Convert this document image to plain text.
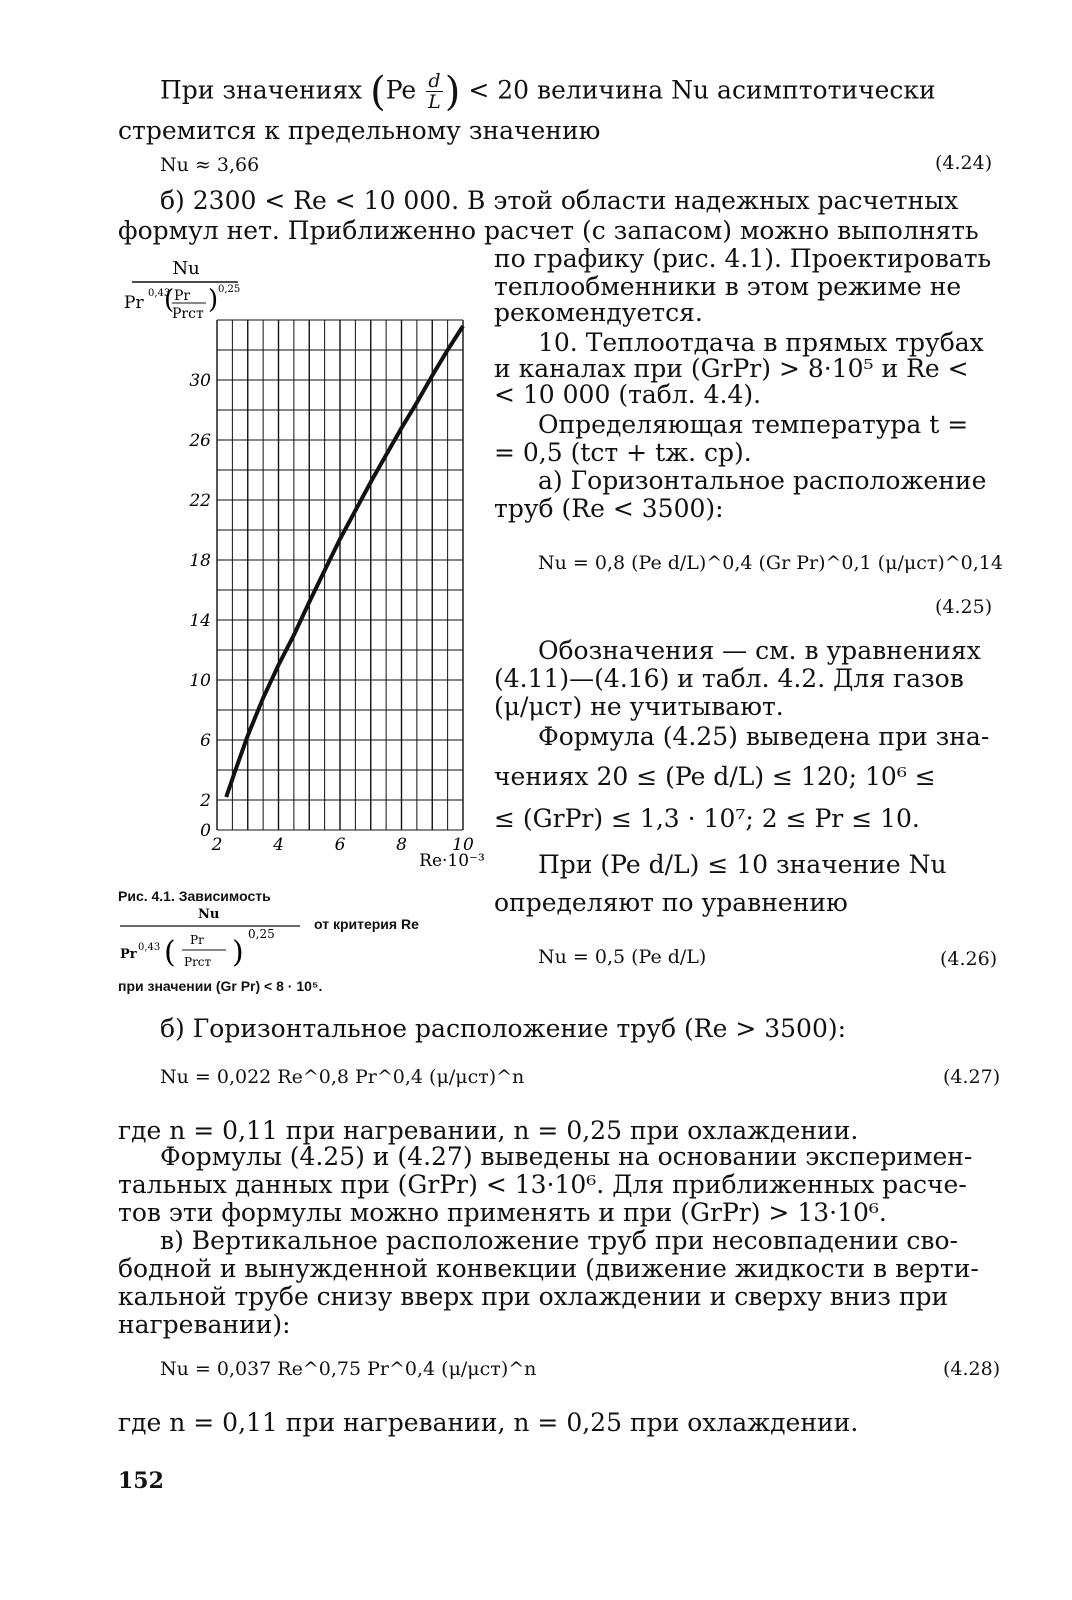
При значениях ($Pe \frac{d}{L}$ ) < 20 величина Nu асимптотически
стремится к предельному значению
Nu ≈ 3,66	(4.24)
б) 2300 < Re < 10 000. В этой области надежных расчетных
формул нет. Приближенно расчет (с запасом) можно выполнять
по графику (рис. 4.1). Проектировать
теплообменники в этом режиме не
рекомендуется.
10. Теплоотдача в прямых трубах
и каналах при (GrPr) > 8·10⁵ и Re <
< 10 000 (табл. 4.4).
Определяющая температура t =
= 0,5 (tст + tж. ср).
а) Горизонтальное расположение
труб (Re < 3500):
Nu = 0,8 (Pe d/L)^0,4 (Gr Pr)^0,1 (μ/μст)^0,14
(4.25)
Обозначения — см. в уравнениях
(4.11)—(4.16) и табл. 4.2. Для газов
(μ/μст) не учитывают.
Формула (4.25) выведена при зна-
чениях 20 ≤ (Pe d/L) ≤ 120; 10⁶ ≤
≤ (GrPr) ≤ 1,3 · 10⁷; 2 ≤ Pr ≤ 10.
При (Pe d/L) ≤ 10 значение Nu
определяют по уравнению
Nu = 0,5 (Pe d/L)	(4.26)
Nu
Pr 0,43
( Pr
Prст ) 0,25
0
2
6
10
14
18
22
26
30
2	4	6	8	10
Re·10⁻³
Рис. 4.1. Зависимость
Nu
Pr 0,43 ( Pr
Prст )
0,25
от критерия Re
при значении (Gr Pr) < 8 · 10⁵.
б) Горизонтальное расположение труб (Re > 3500):
Nu = 0,022 Re^0,8 Pr^0,4 (μ/μст)^n	(4.27)
где n = 0,11 при нагревании, n = 0,25 при охлаждении.
Формулы (4.25) и (4.27) выведены на основании эксперимен-
тальных данных при (GrPr) < 13·10⁶. Для приближенных расче-
тов эти формулы можно применять и при (GrPr) > 13·10⁶.
в) Вертикальное расположение труб при несовпадении сво-
бодной и вынужденной конвекции (движение жидкости в верти-
кальной трубе снизу вверх при охлаждении и сверху вниз при
нагревании):
Nu = 0,037 Re^0,75 Pr^0,4 (μ/μст)^n	(4.28)
где n = 0,11 при нагревании, n = 0,25 при охлаждении.
152
